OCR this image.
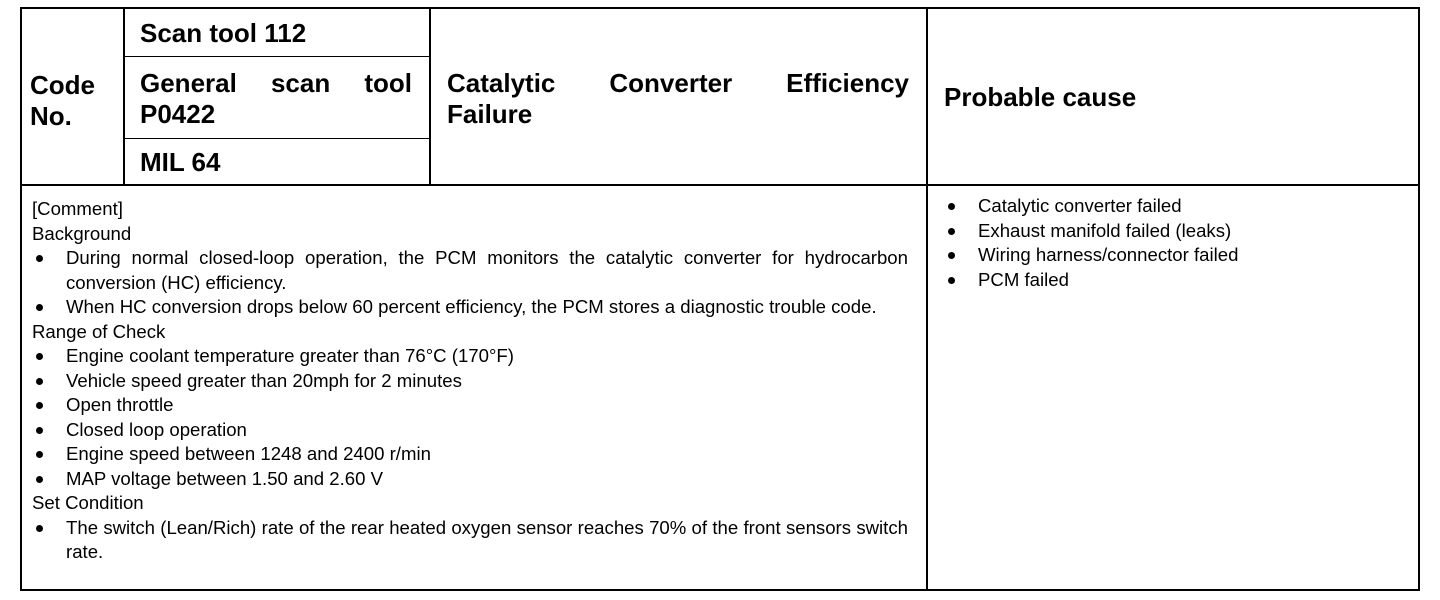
Code
No.
Scan tool 112
General scan tool
P0422
MIL 64
Catalytic Converter Efficiency
Failure
Probable cause
[Comment]
Background
During normal closed-loop operation, the PCM monitors the catalytic converter for hydrocarbon conversion (HC) efficiency.
When HC conversion drops below 60 percent efficiency, the PCM stores a diagnostic trouble code.
Range of Check
Engine coolant temperature greater than 76°C (170°F)
Vehicle speed greater than 20mph for 2 minutes
Open throttle
Closed loop operation
Engine speed between 1248 and 2400 r/min
MAP voltage between 1.50 and 2.60 V
Set Condition
The switch (Lean/Rich) rate of the rear heated oxygen sensor reaches 70% of the front sensors switch rate.
Catalytic converter failed
Exhaust manifold failed (leaks)
Wiring harness/connector failed
PCM failed
